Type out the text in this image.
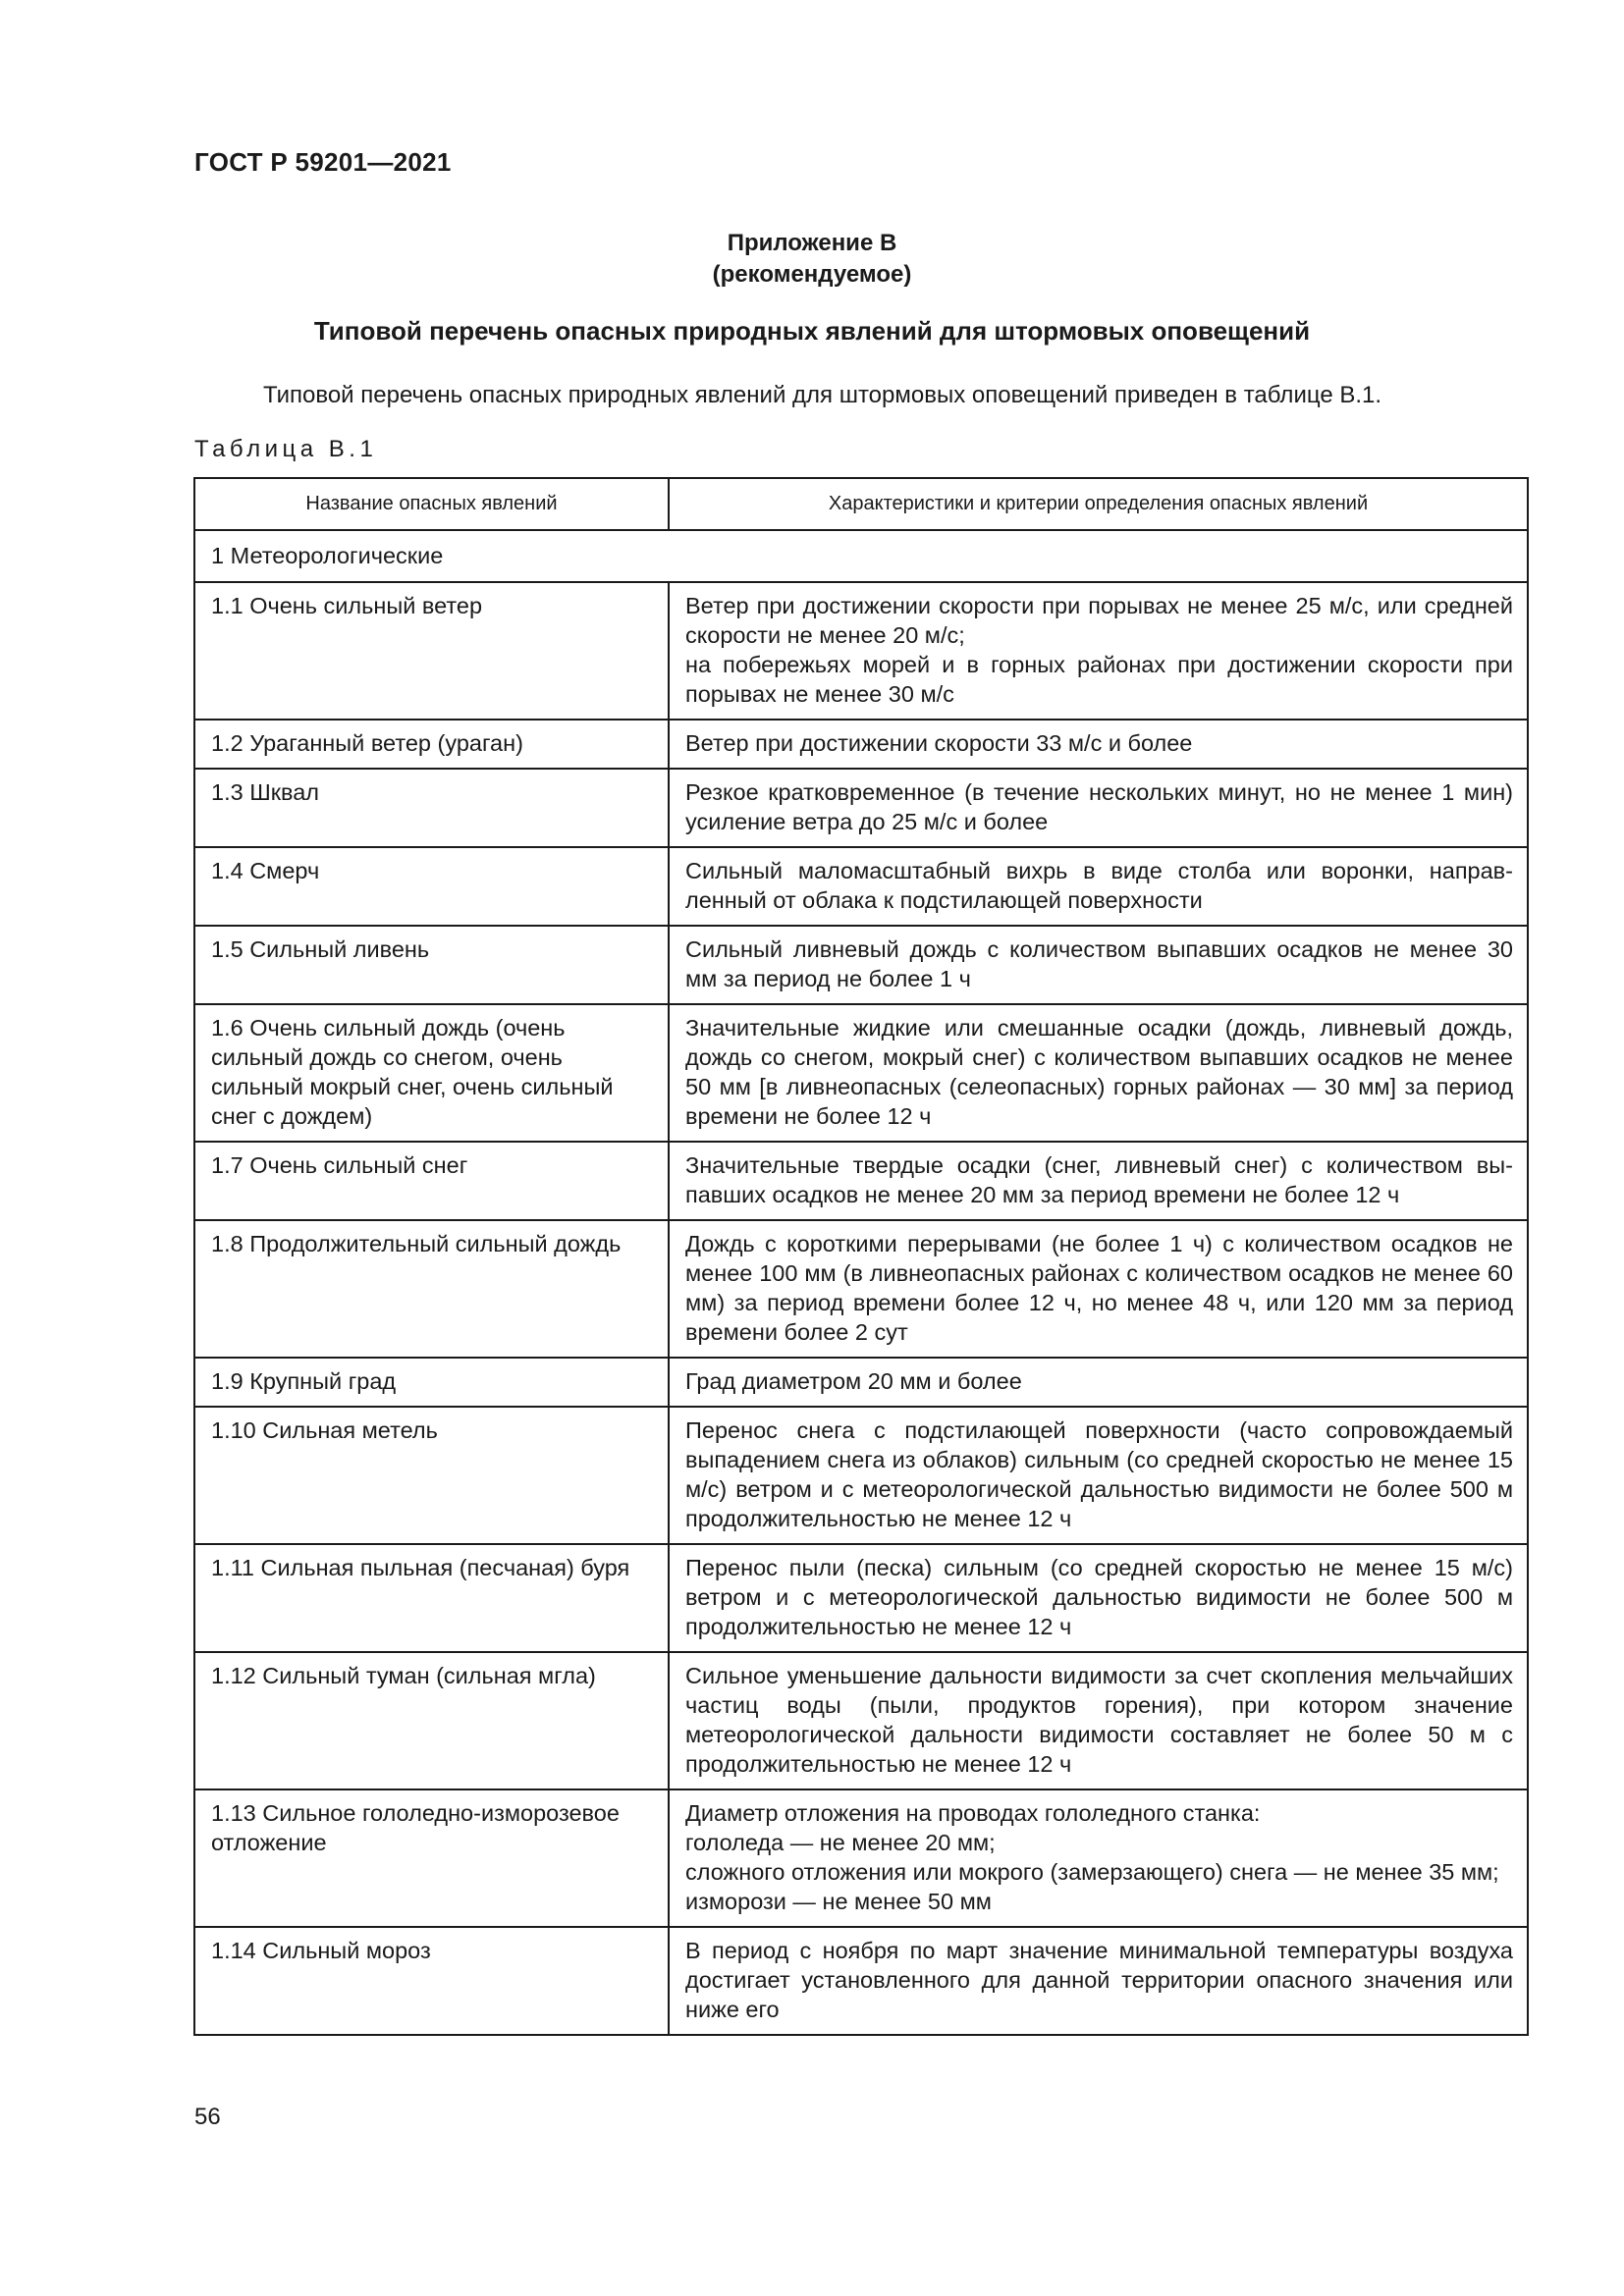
ГОСТ Р 59201—2021
Приложение В
(рекомендуемое)
Типовой перечень опасных природных явлений для штормовых оповещений
Типовой перечень опасных природных явлений для штормовых оповещений приведен в таблице В.1.
Таблица В.1
Название опасных явлений	Характеристики и критерии определения опасных явлений
1 Метеорологические	
1.1 Очень сильный ветер	Ветер при достижении скорости при порывах не менее 25 м/с, или средней скорости не менее 20 м/с;
на побережьях морей и в горных районах при достижении скорости при порывах не менее 30 м/с

1.2 Ураганный ветер (ураган)	Ветер при достижении скорости 33 м/с и более

1.3 Шквал	Резкое кратковременное (в течение нескольких минут, но не менее 1 мин) усиление ветра до 25 м/с и более

1.4 Смерч	Сильный маломасштабный вихрь в виде столба или воронки, направленный от облака к подстилающей поверхности

1.5 Сильный ливень	Сильный ливневый дождь с количеством выпавших осадков не менее 30 мм за период не более 1 ч

1.6 Очень сильный дождь (очень сильный дождь со снегом, очень сильный мокрый снег, очень сильный снег с дождем)	Значительные жидкие или смешанные осадки (дождь, ливневый дождь, дождь со снегом, мокрый снег) с количеством выпавших осадков не менее 50 мм [в ливнеопасных (селеопасных) горных районах — 30 мм] за период времени не более 12 ч

1.7 Очень сильный снег	Значительные твердые осадки (снег, ливневый снег) с количеством выпавших осадков не менее 20 мм за период времени не более 12 ч

1.8 Продолжительный сильный дождь	Дождь с короткими перерывами (не более 1 ч) с количеством осадков не менее 100 мм (в ливнеопасных районах с количеством осадков не менее 60 мм) за период времени более 12 ч, но менее 48 ч, или 120 мм за период времени более 2 сут

1.9 Крупный град	Град диаметром 20 мм и более

1.10 Сильная метель	Перенос снега с подстилающей поверхности (часто сопровождаемый выпадением снега из облаков) сильным (со средней скоростью не менее 15 м/с) ветром и с метеорологической дальностью видимости не более 500 м продолжительностью не менее 12 ч

1.11 Сильная пыльная (песчаная) буря	Перенос пыли (песка) сильным (со средней скоростью не менее 15 м/с) ветром и с метеорологической дальностью видимости не более 500 м продолжительностью не менее 12 ч

1.12 Сильный туман (сильная мгла)	Сильное уменьшение дальности видимости за счет скопления мельчайших частиц воды (пыли, продуктов горения), при котором значение метеорологической дальности видимости составляет не более 50 м с продолжительностью не менее 12 ч

1.13 Сильное гололедно-изморозевое отложение	Диаметр отложения на проводах гололедного станка:
гололеда — не менее 20 мм;
сложного отложения или мокрого (замерзающего) снега — не менее 35 мм;
изморози — не менее 50 мм

1.14 Сильный мороз	В период с ноября по март значение минимальной температуры воздуха достигает установленного для данной территории опасного значения или ниже его
56
